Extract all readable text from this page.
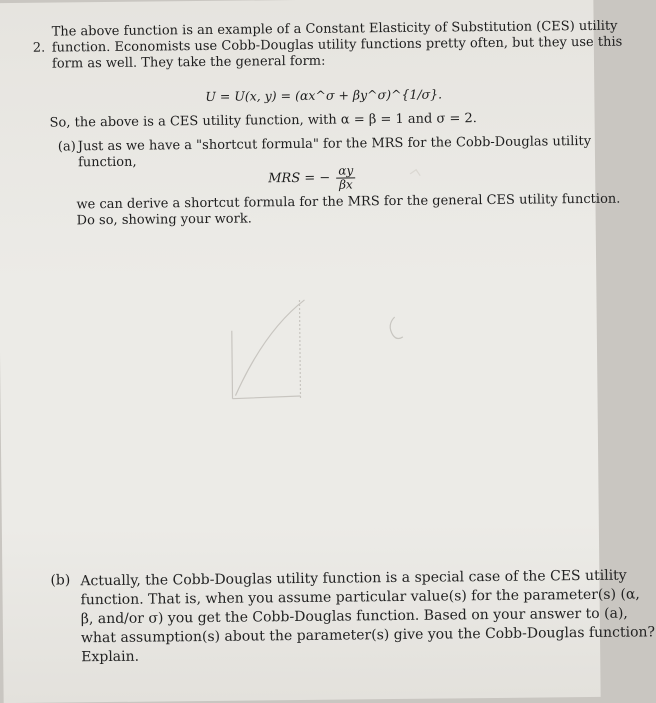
2.
The above function is an example of a Constant Elasticity of Substitution (CES) utility
function. Economists use Cobb-Douglas utility functions pretty often, but they use this
form as well. They take the general form:
U = U(x, y) = (αx^σ + βy^σ)^{1/σ}.
So, the above is a CES utility function, with α = β = 1 and σ = 2.
(a) Just as we have a "shortcut formula" for the MRS for the Cobb-Douglas utility
function,
MRS = − $\frac{\alpha y}{\beta x}$
we can derive a shortcut formula for the MRS for the general CES utility function.
Do so, showing your work.
(b) Actually, the Cobb-Douglas utility function is a special case of the CES utility
function. That is, when you assume particular value(s) for the parameter(s) (α,
β, and/or σ) you get the Cobb-Douglas function. Based on your answer to (a),
what assumption(s) about the parameter(s) give you the Cobb-Douglas function?
Explain.
